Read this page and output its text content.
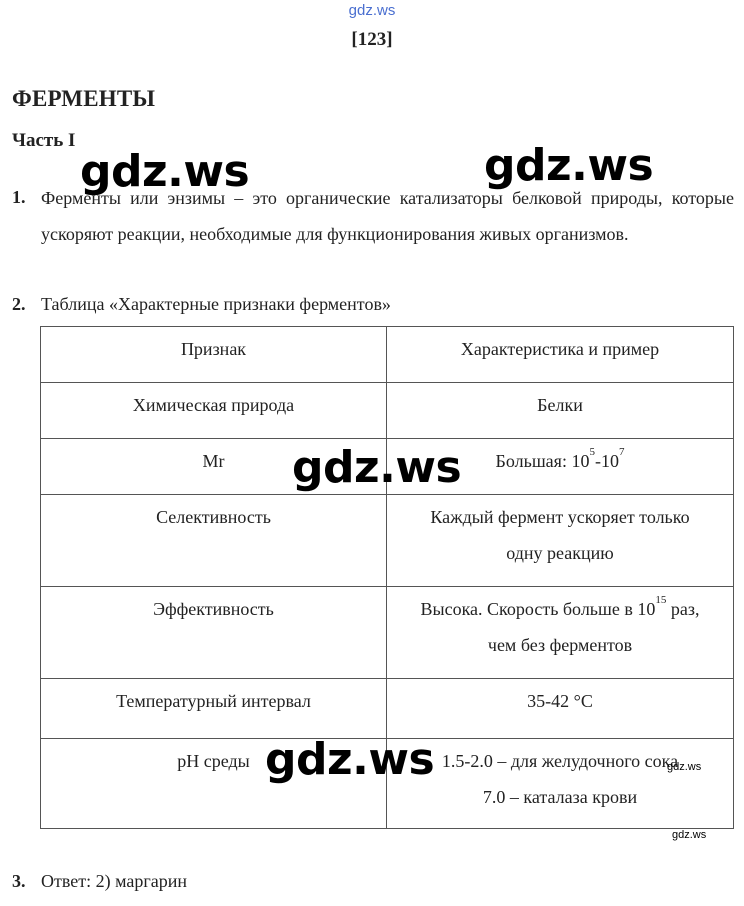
gdz.ws
[123]
ФЕРМЕНТЫ
Часть I
1. Ферменты или энзимы – это органические катализаторы белковой природы, которые ускоряют реакции, необходимые для функционирования живых организмов.
2. Таблица «Характерные признаки ферментов»
Признак	Характеристика и пример
Химическая природа	Белки
Mr	Большая: $10^5-10^7$
Селективность	Каждый фермент ускоряет только
одну реакцию

Эффективность	Высока. Скорость больше в $10^{15}$ раз,
чем без ферментов

Температурный интервал	35-42 °С
pH среды	1.5-2.0 – для желудочного сока
7.0 – каталаза крови
3. Ответ: 2) маргарин
gdz.ws	gdz.ws
gdz.ws
gdz.ws	gdz.ws
gdz.ws
